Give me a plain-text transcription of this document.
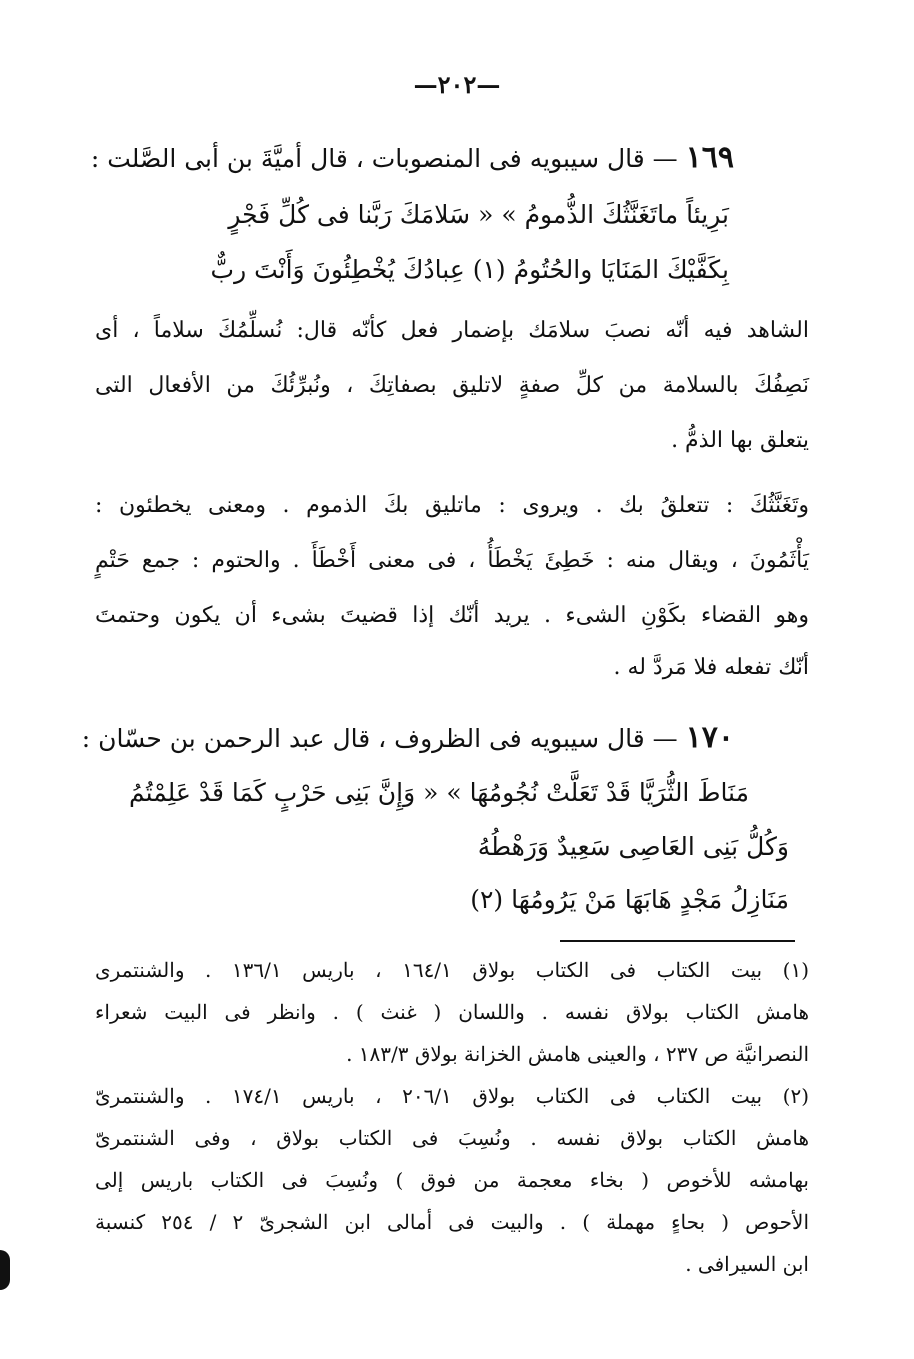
—٢٠٢—
١٦٩— قال سيبويه فى المنصوبات ، قال أميَّةَ بن أبى الصَّلت :
« سَلامَكَ رَبَّنا فى كُلِّ فَجْرٍ بَرِيئاً ماتَغَنَّثُكَ الذُّمومُ »
عِبادُكَ يُخْطِئُونَ وَأَنْتَ ربٌّ بِكَفَّيْكَ المَنَايَا والحُتُومُ (١)
الشاهد فيه أنّه نصبَ سلامَك بإضمار فعل كأنّه قال: نُسلِّمُكَ سلاماً ، أى
نَصِفُكَ بالسلامة من كلِّ صفةٍ لاتليق بصفاتِكَ ، ونُبرِّئُكَ من الأفعال التى
يتعلق بها الذمُّ .
وتَغَنَّثُكَ : تتعلقُ بك . ويروى : ماتليق بكَ الذموم . ومعنى يخطئون :
يَأْثَمُونَ ، ويقال منه : خَطِئَ يَخْطَأُ ، فى معنى أَخْطَأَ . والحتوم : جمع حَتْمٍ
وهو القضاء بكَوْنِ الشىء . يريد أنّك إذا قضيتَ بشىء أن يكون وحتمتَ
أنّك تفعله فلا مَردَّ له .
١٧٠— قال سيبويه فى الظروف ، قال عبد الرحمن بن حسّان :
« وَإِنَّ بَنِى حَرْبٍ كَمَا قَدْ عَلِمْتُمُ مَنَاطَ الثُّرَيَّا قَدْ تَعَلَّتْ نُجُومُهَا »
وَكُلُّ بَنِى العَاصِى سَعِيدٌ وَرَهْطُهُ
مَنَازِلُ مَجْدٍ هَابَهَا مَنْ يَرُومُهَا (٢)
(١) بيت الكتاب فى الكتاب بولاق ١٦٤/١ ، باريس ١٣٦/١ . والشنتمرى
هامش الكتاب بولاق نفسه . واللسان ( غنث ) . وانظر فى البيت شعراء
النصرانيَّة ص ٢٣٧ ، والعينى هامش الخزانة بولاق ١٨٣/٣ .
(٢) بيت الكتاب فى الكتاب بولاق ٢٠٦/١ ، باريس ١٧٤/١ . والشنتمرىّ
هامش الكتاب بولاق نفسه . ونُسِبَ فى الكتاب بولاق ، وفى الشنتمرىّ
بهامشه للأخوص ( بخاء معجمة من فوق ) ونُسِبَ فى الكتاب باريس إلى
الأحوص ( بحاءٍ مهملة ) . والبيت فى أمالى ابن الشجرىّ ٢ / ٢٥٤ كنسبة
ابن السيرافى .
